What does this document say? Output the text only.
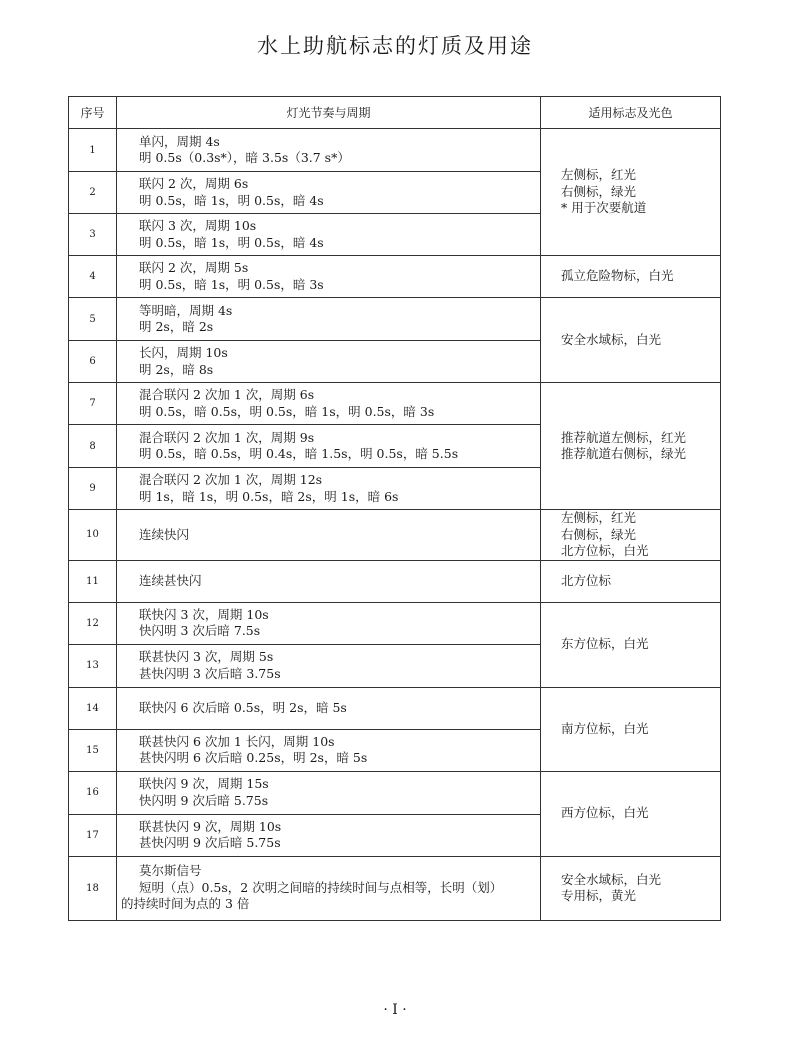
水上助航标志的灯质及用途
序号	灯光节奏与周期	适用标志及光色
1	单闪，周期 4s
明 0.5s（0.3s*），暗 3.5s（3.7 s*）	左侧标，红光
右侧标，绿光
* 用于次要航道

2	联闪 2 次，周期 6s
明 0.5s，暗 1s，明 0.5s，暗 4s	

3	联闪 3 次，周期 10s
明 0.5s，暗 1s，明 0.5s，暗 4s	

4	联闪 2 次，周期 5s
明 0.5s，暗 1s，明 0.5s，暗 3s	孤立危险物标，白光

5	等明暗，周期 4s
明 2s，暗 2s	安全水域标，白光

6	长闪，周期 10s
明 2s，暗 8s	

7	混合联闪 2 次加 1 次，周期 6s
明 0.5s，暗 0.5s，明 0.5s，暗 1s，明 0.5s，暗 3s	推荐航道左侧标，红光
推荐航道右侧标，绿光

8	混合联闪 2 次加 1 次，周期 9s
明 0.5s，暗 0.5s，明 0.4s，暗 1.5s，明 0.5s，暗 5.5s	

9	混合联闪 2 次加 1 次，周期 12s
明 1s，暗 1s，明 0.5s，暗 2s，明 1s，暗 6s	

10	连续快闪	左侧标，红光
右侧标，绿光
北方位标，白光

11	连续甚快闪	北方位标

12	联快闪 3 次，周期 10s
快闪明 3 次后暗 7.5s	东方位标，白光

13	联甚快闪 3 次，周期 5s
甚快闪明 3 次后暗 3.75s	

14	联快闪 6 次后暗 0.5s，明 2s，暗 5s	南方位标，白光

15	联甚快闪 6 次加 1 长闪，周期 10s
甚快闪明 6 次后暗 0.25s，明 2s，暗 5s	

16	联快闪 9 次，周期 15s
快闪明 9 次后暗 5.75s	西方位标，白光

17	联甚快闪 9 次，周期 10s
甚快闪明 9 次后暗 5.75s	

18	莫尔斯信号
短明（点）0.5s，2 次明之间暗的持续时间与点相等，长明（划）
的持续时间为点的 3 倍	安全水域标，白光
专用标，黄光
· I ·
